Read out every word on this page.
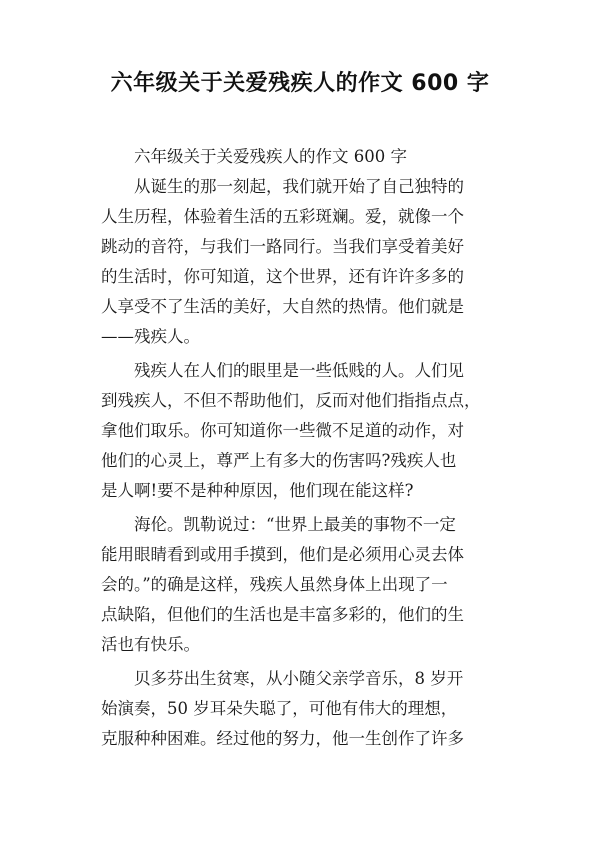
六年级关于关爱残疾人的作文 600 字
六年级关于关爱残疾人的作文 600 字
从诞生的那一刻起，我们就开始了自己独特的
人生历程，体验着生活的五彩斑斓。爱，就像一个
跳动的音符，与我们一路同行。当我们享受着美好
的生活时，你可知道，这个世界，还有许许多多的
人享受不了生活的美好，大自然的热情。他们就是
——残疾人。
残疾人在人们的眼里是一些低贱的人。人们见
到残疾人，不但不帮助他们，反而对他们指指点点，
拿他们取乐。你可知道你一些微不足道的动作，对
他们的心灵上，尊严上有多大的伤害吗?残疾人也
是人啊!要不是种种原因，他们现在能这样?
海伦。凯勒说过：“世界上最美的事物不一定
能用眼睛看到或用手摸到，他们是必须用心灵去体
会的。”的确是这样，残疾人虽然身体上出现了一
点缺陷，但他们的生活也是丰富多彩的，他们的生
活也有快乐。
贝多芬出生贫寒，从小随父亲学音乐，8 岁开
始演奏，50 岁耳朵失聪了，可他有伟大的理想，
克服种种困难。经过他的努力，他一生创作了许多
